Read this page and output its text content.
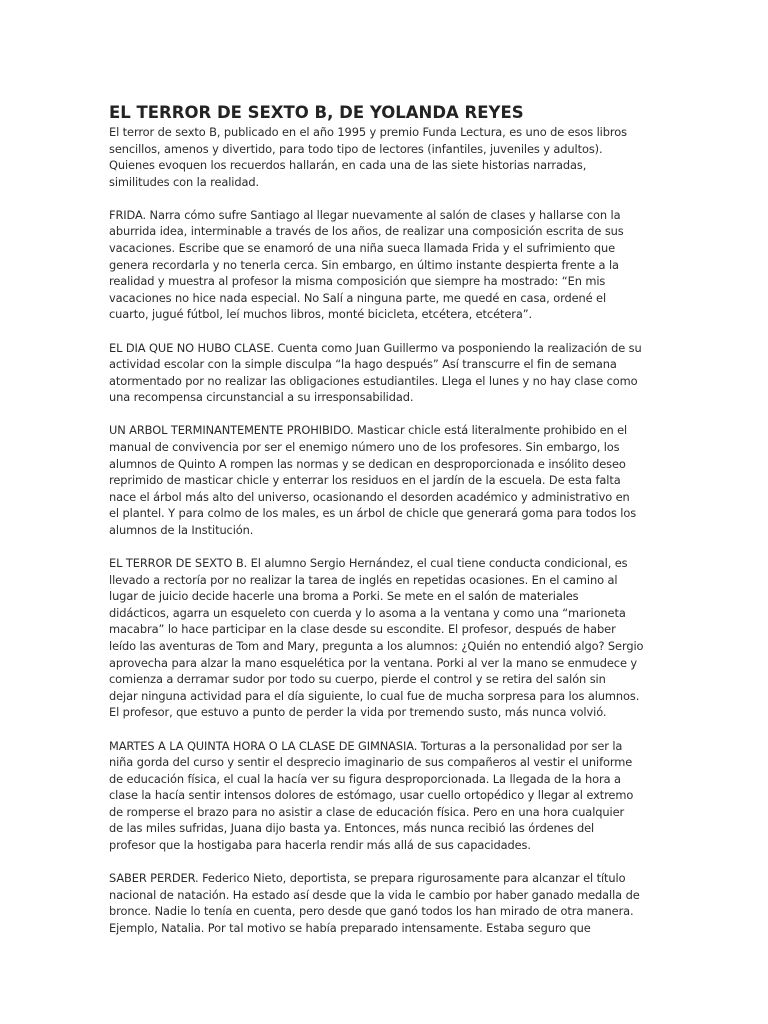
EL TERROR DE SEXTO B, DE YOLANDA REYES
El terror de sexto B, publicado en el año 1995 y premio Funda Lectura, es uno de esos libros
sencillos, amenos y divertido, para todo tipo de lectores (infantiles, juveniles y adultos).
Quienes evoquen los recuerdos hallarán, en cada una de las siete historias narradas,
similitudes con la realidad.
FRIDA. Narra cómo sufre Santiago al llegar nuevamente al salón de clases y hallarse con la
aburrida idea, interminable a través de los años, de realizar una composición escrita de sus
vacaciones. Escribe que se enamoró de una niña sueca llamada Frida y el sufrimiento que
genera recordarla y no tenerla cerca. Sin embargo, en último instante despierta frente a la
realidad y muestra al profesor la misma composición que siempre ha mostrado: “En mis
vacaciones no hice nada especial. No Salí a ninguna parte, me quedé en casa, ordené el
cuarto, jugué fútbol, leí muchos libros, monté bicicleta, etcétera, etcétera”.
EL DIA QUE NO HUBO CLASE. Cuenta como Juan Guillermo va posponiendo la realización de su
actividad escolar con la simple disculpa “la hago después” Así transcurre el fin de semana
atormentado por no realizar las obligaciones estudiantiles. Llega el lunes y no hay clase como
una recompensa circunstancial a su irresponsabilidad.
UN ARBOL TERMINANTEMENTE PROHIBIDO. Masticar chicle está literalmente prohibido en el
manual de convivencia por ser el enemigo número uno de los profesores. Sin embargo, los
alumnos de Quinto A rompen las normas y se dedican en desproporcionada e insólito deseo
reprimido de masticar chicle y enterrar los residuos en el jardín de la escuela. De esta falta
nace el árbol más alto del universo, ocasionando el desorden académico y administrativo en
el plantel. Y para colmo de los males, es un árbol de chicle que generará goma para todos los
alumnos de la Institución.
EL TERROR DE SEXTO B. El alumno Sergio Hernández, el cual tiene conducta condicional, es
llevado a rectoría por no realizar la tarea de inglés en repetidas ocasiones. En el camino al
lugar de juicio decide hacerle una broma a Porki. Se mete en el salón de materiales
didácticos, agarra un esqueleto con cuerda y lo asoma a la ventana y como una “marioneta
macabra” lo hace participar en la clase desde su escondite. El profesor, después de haber
leído las aventuras de Tom and Mary, pregunta a los alumnos: ¿Quién no entendió algo? Sergio
aprovecha para alzar la mano esquelética por la ventana. Porki al ver la mano se enmudece y
comienza a derramar sudor por todo su cuerpo, pierde el control y se retira del salón sin
dejar ninguna actividad para el día siguiente, lo cual fue de mucha sorpresa para los alumnos.
El profesor, que estuvo a punto de perder la vida por tremendo susto, más nunca volvió.
MARTES A LA QUINTA HORA O LA CLASE DE GIMNASIA. Torturas a la personalidad por ser la
niña gorda del curso y sentir el desprecio imaginario de sus compañeros al vestir el uniforme
de educación física, el cual la hacía ver su figura desproporcionada. La llegada de la hora a
clase la hacía sentir intensos dolores de estómago, usar cuello ortopédico y llegar al extremo
de romperse el brazo para no asistir a clase de educación física. Pero en una hora cualquier
de las miles sufridas, Juana dijo basta ya. Entonces, más nunca recibió las órdenes del
profesor que la hostigaba para hacerla rendir más allá de sus capacidades.
SABER PERDER. Federico Nieto, deportista, se prepara rigurosamente para alcanzar el título
nacional de natación. Ha estado así desde que la vida le cambio por haber ganado medalla de
bronce. Nadie lo tenía en cuenta, pero desde que ganó todos los han mirado de otra manera.
Ejemplo, Natalia. Por tal motivo se había preparado intensamente. Estaba seguro que
